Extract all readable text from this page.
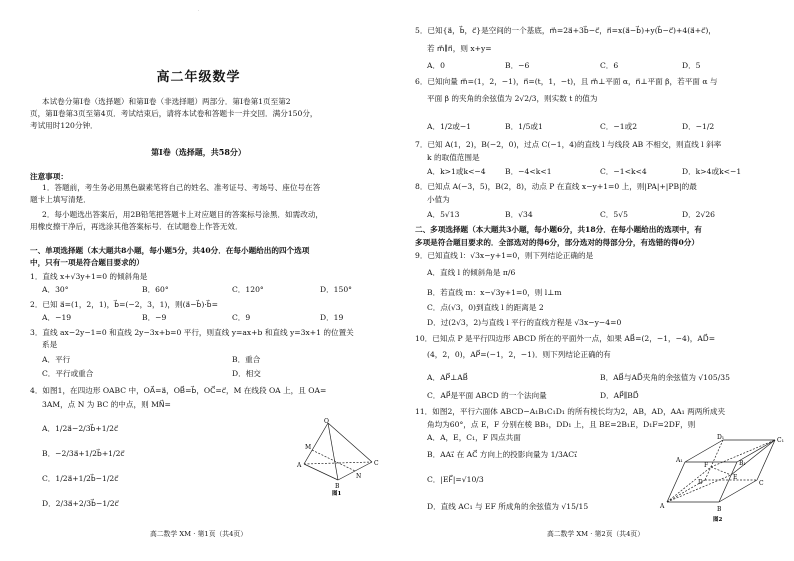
·
高二年级数学
本试卷分第Ⅰ卷（选择题）和第Ⅱ卷（非选择题）两部分．第Ⅰ卷第1页至第2
页，第Ⅱ卷第3页至第4页．考试结束后，请将本试卷和答题卡一并交回．满分150分，
考试用时120分钟．
第Ⅰ卷（选择题，共58分）
注意事项：
1．答题前，考生务必用黑色碳素笔将自己的姓名、准考证号、考场号、座位号在答
题卡上填写清楚．
2．每小题选出答案后，用2B铅笔把答题卡上对应题目的答案标号涂黑．如需改动，
用橡皮擦干净后，再选涂其他答案标号．在试题卷上作答无效．
一、单项选择题（本大题共8小题，每小题5分，共40分．在每小题给出的四个选项
中，只有一项是符合题目要求的）
1．直线 x+√3y+1=0 的倾斜角是
A．30°	B．60°	C．120°	D．150°
2．已知 a⃗=(1，2，1)，b⃗=(−2，3，1)，则(a⃗−b⃗)·b⃗=
A．−19	B．−9	C．9	D．19
3．直线 ax−2y−1=0 和直线 2y−3x+b=0 平行，则直线 y=ax+b 和直线 y=3x+1 的位置关
系是
A．平行	B．重合
C．平行或重合	D．相交
4．如图1，在四边形 OABC 中，OA⃗=a⃗，OB⃗=b⃗，OC⃗=c⃗，M 在线段 OA 上，且 OA=
3AM，点 N 为 BC 的中点，则 MN⃗=
A．1/2a⃗−2/3b⃗+1/2c⃗
B．−2/3a⃗+1/2b⃗+1/2c⃗
C．1/2a⃗+1/2b⃗−1/2c⃗
D．2/3a⃗+2/3b⃗−1/2c⃗
O
A
B
C
M
N
图1
高二数学 XM · 第1页（共4页）
5．已知{a⃗，b⃗，c⃗}是空间的一个基底，m⃗=2a⃗+3b⃗−c⃗，n⃗=x(a⃗−b⃗)+y(b⃗−c⃗)+4(a⃗+c⃗)，
若 m⃗∥n⃗，则 x+y=
A．0	B．−6	C．6	D．5
6．已知向量 m⃗=(1，2，−1)，n⃗=(t，1，−t)，且 m⃗⊥平面 α，n⃗⊥平面 β，若平面 α 与
平面 β 的夹角的余弦值为 2√2/3，则实数 t 的值为
A．1/2或−1	B．1/5或1	C．−1或2	D．−1/2
7．已知 A(1，2)，B(−2，0)，过点 C(−1，4)的直线 l 与线段 AB 不相交，则直线 l 斜率
k 的取值范围是
A．k>1或k<−4	B．−4<k<1	C．−1<k<4	D．k>4或k<−1
8．已知点 A(−3，5)，B(2，8)，动点 P 在直线 x−y+1=0 上，则|PA|+|PB|的最
小值为
A．5√13	B．√34	C．5√5	D．2√26
二、多项选择题（本大题共3小题，每小题6分，共18分．在每小题给出的选项中，有
多项是符合题目要求的．全部选对的得6分，部分选对的得部分分，有选错的得0分）
9．已知直线 l：√3x−y+1=0，则下列结论正确的是
A．直线 l 的倾斜角是 π/6
B．若直线 m：x−√3y+1=0，则 l⊥m
C．点(√3，0)到直线 l 的距离是 2
D．过(2√3，2)与直线 l 平行的直线方程是 √3x−y−4=0
10．已知点 P 是平行四边形 ABCD 所在的平面外一点，如果 AB⃗=(2，−1，−4)，AD⃗=
(4，2，0)，AP⃗=(−1，2，−1)．则下列结论正确的有
A．AP⃗⊥AB⃗	B．AB⃗与AD⃗夹角的余弦值为 √105/35
C．AP⃗是平面 ABCD 的一个法向量	D．AP⃗∥BD⃗
11．如图2，平行六面体 ABCD−A₁B₁C₁D₁ 的所有棱长均为2，AB，AD，AA₁ 两两所成夹
角均为60°，点 E，F 分别在棱 BB₁，DD₁ 上，且 BE=2B₁E，D₁F=2DF，则
A．A，E，C₁，F 四点共面
B．AA₁⃗ 在 AC⃗ 方向上的投影向量为 1/3AC₁⃗
C．|EF⃗|=√10/3
D．直线 AC₁ 与 EF 所成角的余弦值为 √15/15	A	B
C
D
A₁	B₁
C₁
D₁
E
F
图2
高二数学 XM · 第2页（共4页）
